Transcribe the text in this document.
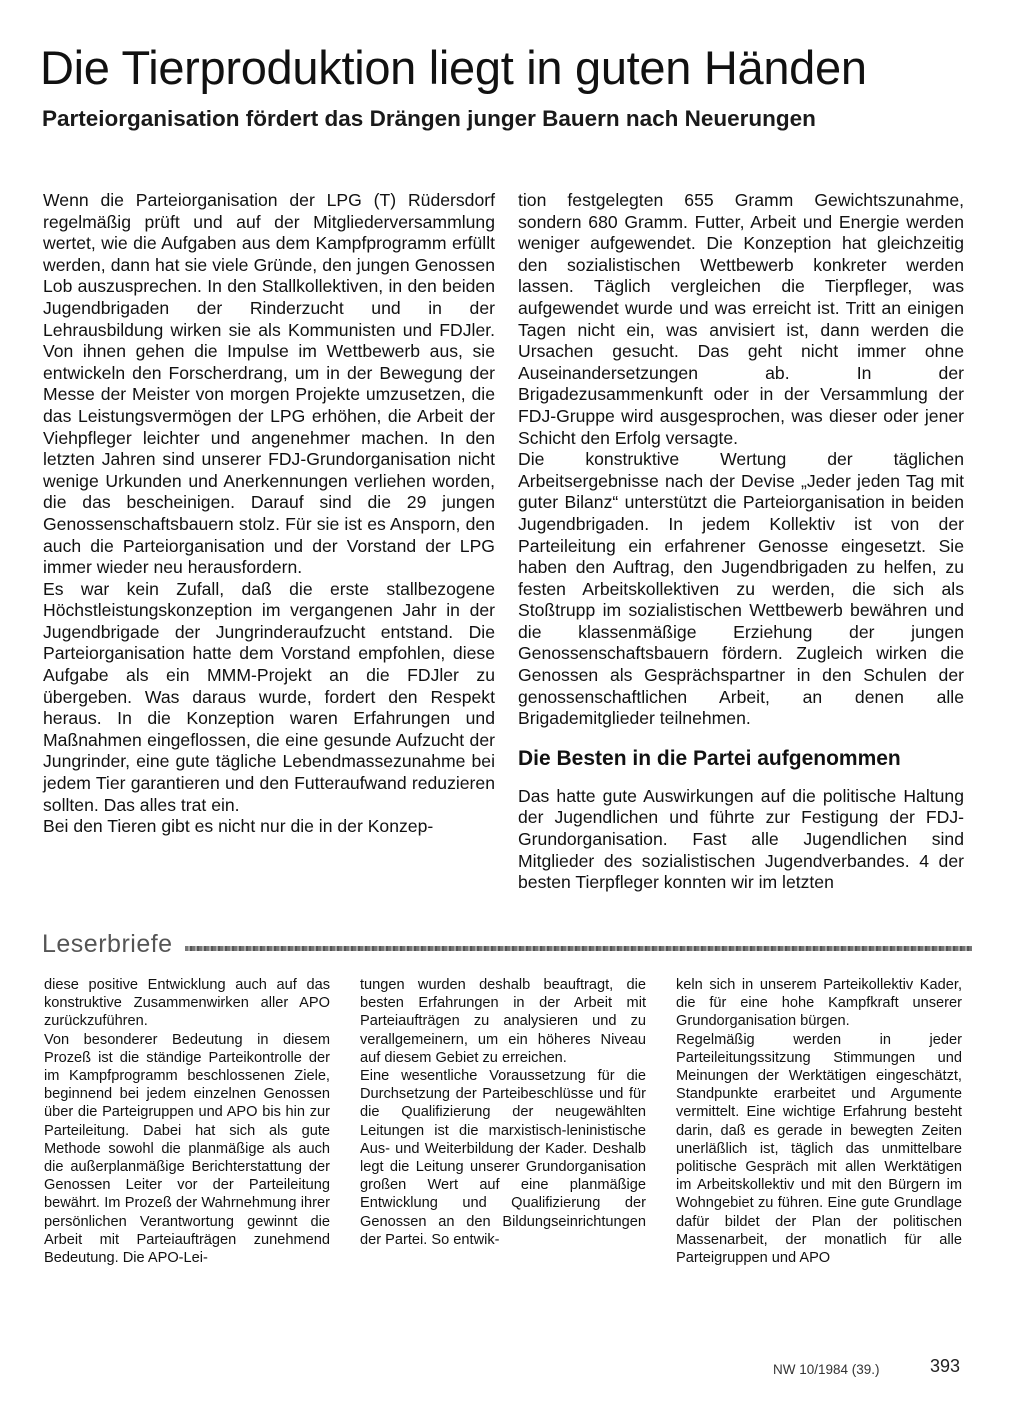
Die Tierproduktion liegt in guten Händen
Parteiorganisation fördert das Drängen junger Bauern nach Neuerungen

Wenn die Parteiorganisation der LPG (T) Rüdersdorf regelmäßig prüft und auf der Mitgliederversammlung wertet, wie die Aufgaben aus dem Kampfprogramm erfüllt werden, dann hat sie viele Gründe, den jungen Genossen Lob auszusprechen. In den Stallkollektiven, in den beiden Jugendbrigaden der Rinderzucht und in der Lehrausbildung wirken sie als Kommunisten und FDJler. Von ihnen gehen die Impulse im Wettbewerb aus, sie entwickeln den Forscherdrang, um in der Bewegung der Messe der Meister von morgen Projekte umzusetzen, die das Leistungsvermögen der LPG erhöhen, die Arbeit der Viehpfleger leichter und angenehmer machen. In den letzten Jahren sind unserer FDJ-Grundorganisation nicht wenige Urkunden und Anerkennungen verliehen worden, die das bescheinigen. Darauf sind die 29 jungen Genossenschaftsbauern stolz. Für sie ist es Ansporn, den auch die Parteiorganisation und der Vorstand der LPG immer wieder neu herausfordern.

Es war kein Zufall, daß die erste stallbezogene Höchstleistungskonzeption im vergangenen Jahr in der Jugendbrigade der Jungrinderaufzucht entstand. Die Parteiorganisation hatte dem Vorstand empfohlen, diese Aufgabe als ein MMM-Projekt an die FDJler zu übergeben. Was daraus wurde, fordert den Respekt heraus. In die Konzeption waren Erfahrungen und Maßnahmen eingeflossen, die eine gesunde Aufzucht der Jungrinder, eine gute tägliche Lebendmassezunahme bei jedem Tier garantieren und den Futteraufwand reduzieren sollten. Das alles trat ein.

Bei den Tieren gibt es nicht nur die in der Konzep-

tion festgelegten 655 Gramm Gewichtszunahme, sondern 680 Gramm. Futter, Arbeit und Energie werden weniger aufgewendet. Die Konzeption hat gleichzeitig den sozialistischen Wettbewerb konkreter werden lassen. Täglich vergleichen die Tierpfleger, was aufgewendet wurde und was erreicht ist. Tritt an einigen Tagen nicht ein, was anvisiert ist, dann werden die Ursachen gesucht. Das geht nicht immer ohne Auseinandersetzungen ab. In der Brigadezusammenkunft oder in der Versammlung der FDJ-Gruppe wird ausgesprochen, was dieser oder jener Schicht den Erfolg versagte.

Die konstruktive Wertung der täglichen Arbeitsergebnisse nach der Devise „Jeder jeden Tag mit guter Bilanz“ unterstützt die Parteiorganisation in beiden Jugendbrigaden. In jedem Kollektiv ist von der Parteileitung ein erfahrener Genosse eingesetzt. Sie haben den Auftrag, den Jugendbrigaden zu helfen, zu festen Arbeitskollektiven zu werden, die sich als Stoßtrupp im sozialistischen Wettbewerb bewähren und die klassenmäßige Erziehung der jungen Genossenschaftsbauern fördern. Zugleich wirken die Genossen als Gesprächspartner in den Schulen der genossenschaftlichen Arbeit, an denen alle Brigademitglieder teilnehmen.

Die Besten in die Partei aufgenommen

Das hatte gute Auswirkungen auf die politische Haltung der Jugendlichen und führte zur Festigung der FDJ-Grundorganisation. Fast alle Jugendlichen sind Mitglieder des sozialistischen Jugendverbandes. 4 der besten Tierpfleger konnten wir im letzten

Leserbriefe

diese positive Entwicklung auch auf das konstruktive Zusammenwirken aller APO zurückzuführen.

Von besonderer Bedeutung in diesem Prozeß ist die ständige Parteikontrolle der im Kampfprogramm beschlossenen Ziele, beginnend bei jedem einzelnen Genossen über die Parteigruppen und APO bis hin zur Parteileitung. Dabei hat sich als gute Methode sowohl die planmäßige als auch die außerplanmäßige Berichterstattung der Genossen Leiter vor der Parteileitung bewährt. Im Prozeß der Wahrnehmung ihrer persönlichen Verantwortung gewinnt die Arbeit mit Parteiaufträgen zunehmend Bedeutung. Die APO-Lei-

tungen wurden deshalb beauftragt, die besten Erfahrungen in der Arbeit mit Parteiaufträgen zu analysieren und zu verallgemeinern, um ein höheres Niveau auf diesem Gebiet zu erreichen.

Eine wesentliche Voraussetzung für die Durchsetzung der Parteibeschlüsse und für die Qualifizierung der neugewählten Leitungen ist die marxistisch-leninistische Aus- und Weiterbildung der Kader. Deshalb legt die Leitung unserer Grundorganisation großen Wert auf eine planmäßige Entwicklung und Qualifizierung der Genossen an den Bildungseinrichtungen der Partei. So entwik-

keln sich in unserem Parteikollektiv Kader, die für eine hohe Kampfkraft unserer Grundorganisation bürgen.

Regelmäßig werden in jeder Parteileitungssitzung Stimmungen und Meinungen der Werktätigen eingeschätzt, Standpunkte erarbeitet und Argumente vermittelt. Eine wichtige Erfahrung besteht darin, daß es gerade in bewegten Zeiten unerläßlich ist, täglich das unmittelbare politische Gespräch mit allen Werktätigen im Arbeitskollektiv und mit den Bürgern im Wohngebiet zu führen. Eine gute Grundlage dafür bildet der Plan der politischen Massenarbeit, der monatlich für alle Parteigruppen und APO

NW 10/1984 (39.)	393
